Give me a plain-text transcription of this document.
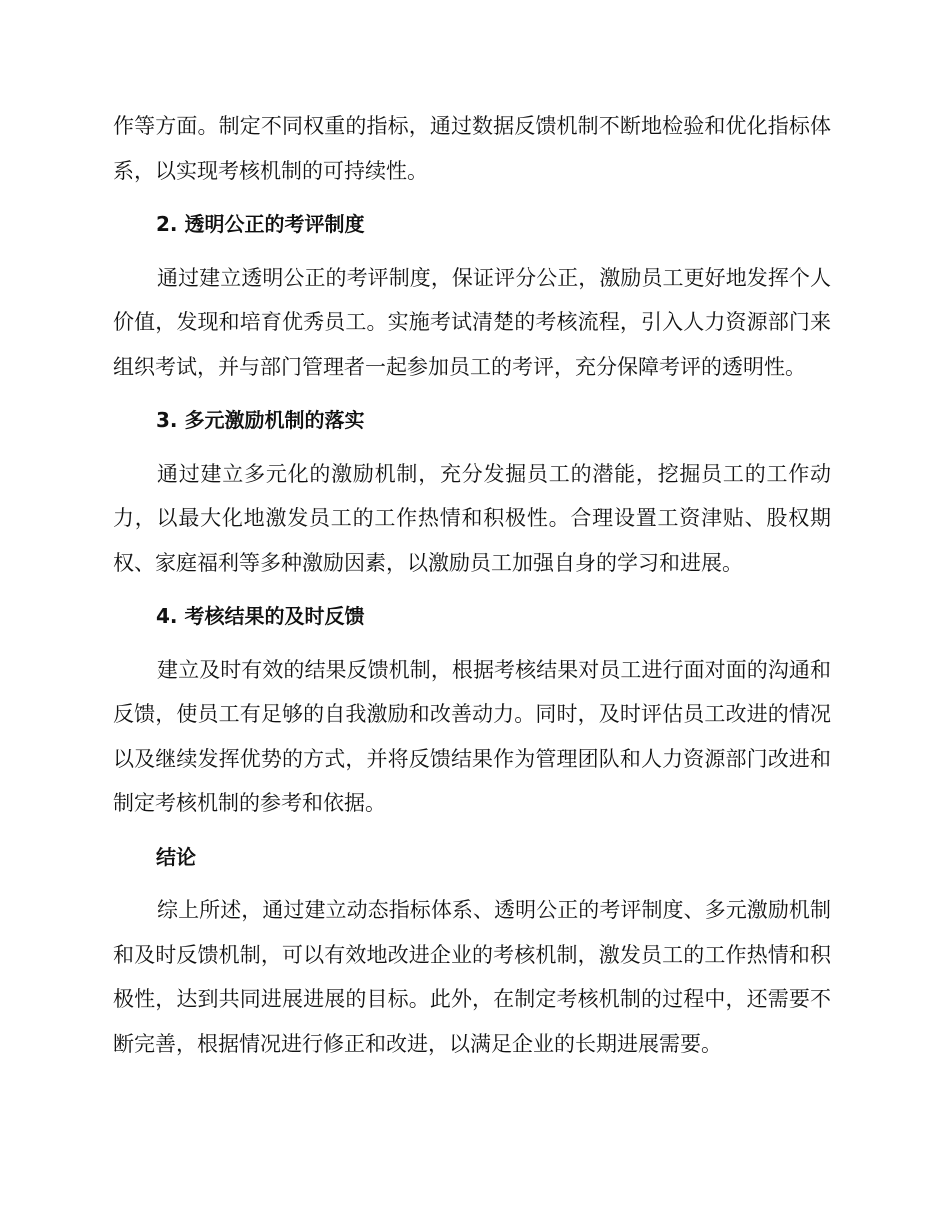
作等方面。制定不同权重的指标，通过数据反馈机制不断地检验和优化指标体系，以实现考核机制的可持续性。

2. 透明公正的考评制度

通过建立透明公正的考评制度，保证评分公正，激励员工更好地发挥个人价值，发现和培育优秀员工。实施考试清楚的考核流程，引入人力资源部门来组织考试，并与部门管理者一起参加员工的考评，充分保障考评的透明性。

3. 多元激励机制的落实

通过建立多元化的激励机制，充分发掘员工的潜能，挖掘员工的工作动力，以最大化地激发员工的工作热情和积极性。合理设置工资津贴、股权期权、家庭福利等多种激励因素，以激励员工加强自身的学习和进展。

4. 考核结果的及时反馈

建立及时有效的结果反馈机制，根据考核结果对员工进行面对面的沟通和反馈，使员工有足够的自我激励和改善动力。同时，及时评估员工改进的情况以及继续发挥优势的方式，并将反馈结果作为管理团队和人力资源部门改进和制定考核机制的参考和依据。

结论

综上所述，通过建立动态指标体系、透明公正的考评制度、多元激励机制和及时反馈机制，可以有效地改进企业的考核机制，激发员工的工作热情和积极性，达到共同进展进展的目标。此外，在制定考核机制的过程中，还需要不断完善，根据情况进行修正和改进，以满足企业的长期进展需要。
